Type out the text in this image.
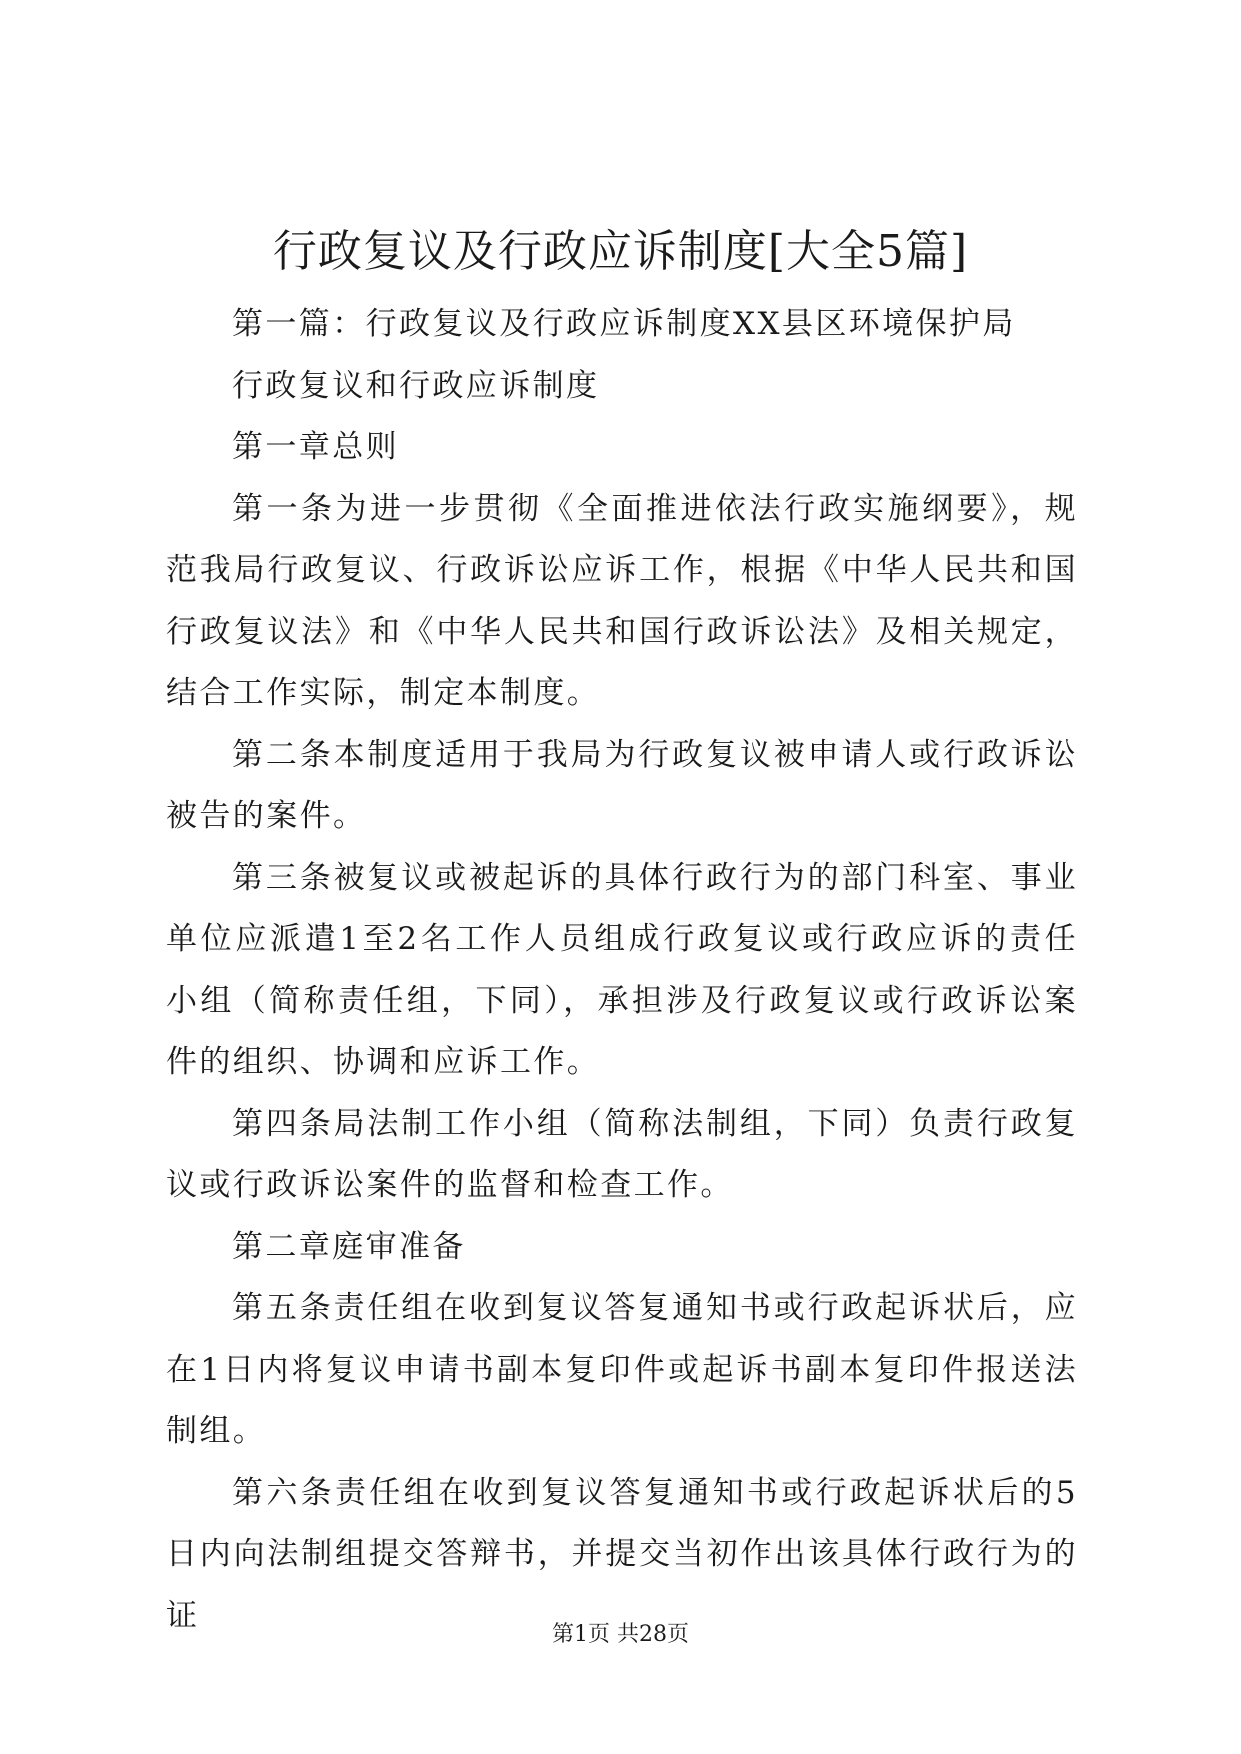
行政复议及行政应诉制度[大全5篇]

第一篇：行政复议及行政应诉制度XX县区环境保护局

行政复议和行政应诉制度

第一章总则

第一条为进一步贯彻《全面推进依法行政实施纲要》，规范我局行政复议、行政诉讼应诉工作，根据《中华人民共和国行政复议法》和《中华人民共和国行政诉讼法》及相关规定，结合工作实际，制定本制度。

第二条本制度适用于我局为行政复议被申请人或行政诉讼被告的案件。

第三条被复议或被起诉的具体行政行为的部门科室、事业单位应派遣1至2名工作人员组成行政复议或行政应诉的责任小组（简称责任组，下同），承担涉及行政复议或行政诉讼案件的组织、协调和应诉工作。

第四条局法制工作小组（简称法制组，下同）负责行政复议或行政诉讼案件的监督和检查工作。

第二章庭审准备

第五条责任组在收到复议答复通知书或行政起诉状后，应在1日内将复议申请书副本复印件或起诉书副本复印件报送法制组。

第六条责任组在收到复议答复通知书或行政起诉状后的5日内向法制组提交答辩书，并提交当初作出该具体行政行为的证

第1页 共28页
